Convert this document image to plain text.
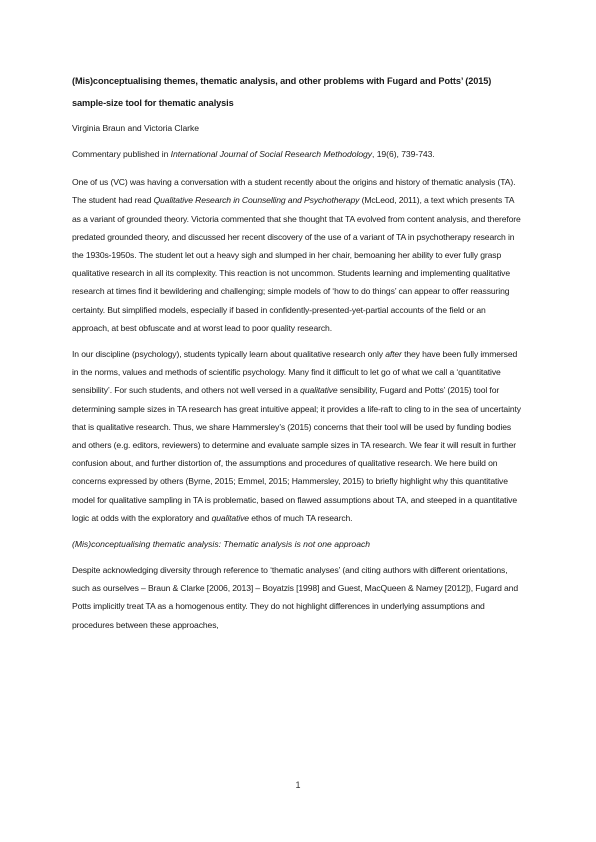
(Mis)conceptualising themes, thematic analysis, and other problems with Fugard and Potts’ (2015) sample-size tool for thematic analysis

Virginia Braun and Victoria Clarke

Commentary published in International Journal of Social Research Methodology, 19(6), 739-743.

One of us (VC) was having a conversation with a student recently about the origins and history of thematic analysis (TA). The student had read Qualitative Research in Counselling and Psychotherapy (McLeod, 2011), a text which presents TA as a variant of grounded theory. Victoria commented that she thought that TA evolved from content analysis, and therefore predated grounded theory, and discussed her recent discovery of the use of a variant of TA in psychotherapy research in the 1930s-1950s. The student let out a heavy sigh and slumped in her chair, bemoaning her ability to ever fully grasp qualitative research in all its complexity. This reaction is not uncommon. Students learning and implementing qualitative research at times find it bewildering and challenging; simple models of ‘how to do things’ can appear to offer reassuring certainty. But simplified models, especially if based in confidently-presented-yet-partial accounts of the field or an approach, at best obfuscate and at worst lead to poor quality research.

In our discipline (psychology), students typically learn about qualitative research only after they have been fully immersed in the norms, values and methods of scientific psychology. Many find it difficult to let go of what we call a ‘quantitative sensibility’. For such students, and others not well versed in a qualitative sensibility, Fugard and Potts’ (2015) tool for determining sample sizes in TA research has great intuitive appeal; it provides a life-raft to cling to in the sea of uncertainty that is qualitative research. Thus, we share Hammersley’s (2015) concerns that their tool will be used by funding bodies and others (e.g. editors, reviewers) to determine and evaluate sample sizes in TA research. We fear it will result in further confusion about, and further distortion of, the assumptions and procedures of qualitative research. We here build on concerns expressed by others (Byrne, 2015; Emmel, 2015; Hammersley, 2015) to briefly highlight why this quantitative model for qualitative sampling in TA is problematic, based on flawed assumptions about TA, and steeped in a quantitative logic at odds with the exploratory and qualitative ethos of much TA research.

(Mis)conceptualising thematic analysis: Thematic analysis is not one approach

Despite acknowledging diversity through reference to ‘thematic analyses’ (and citing authors with different orientations, such as ourselves – Braun & Clarke [2006, 2013] – Boyatzis [1998] and Guest, MacQueen & Namey [2012]), Fugard and Potts implicitly treat TA as a homogenous entity. They do not highlight differences in underlying assumptions and procedures between these approaches,

1
